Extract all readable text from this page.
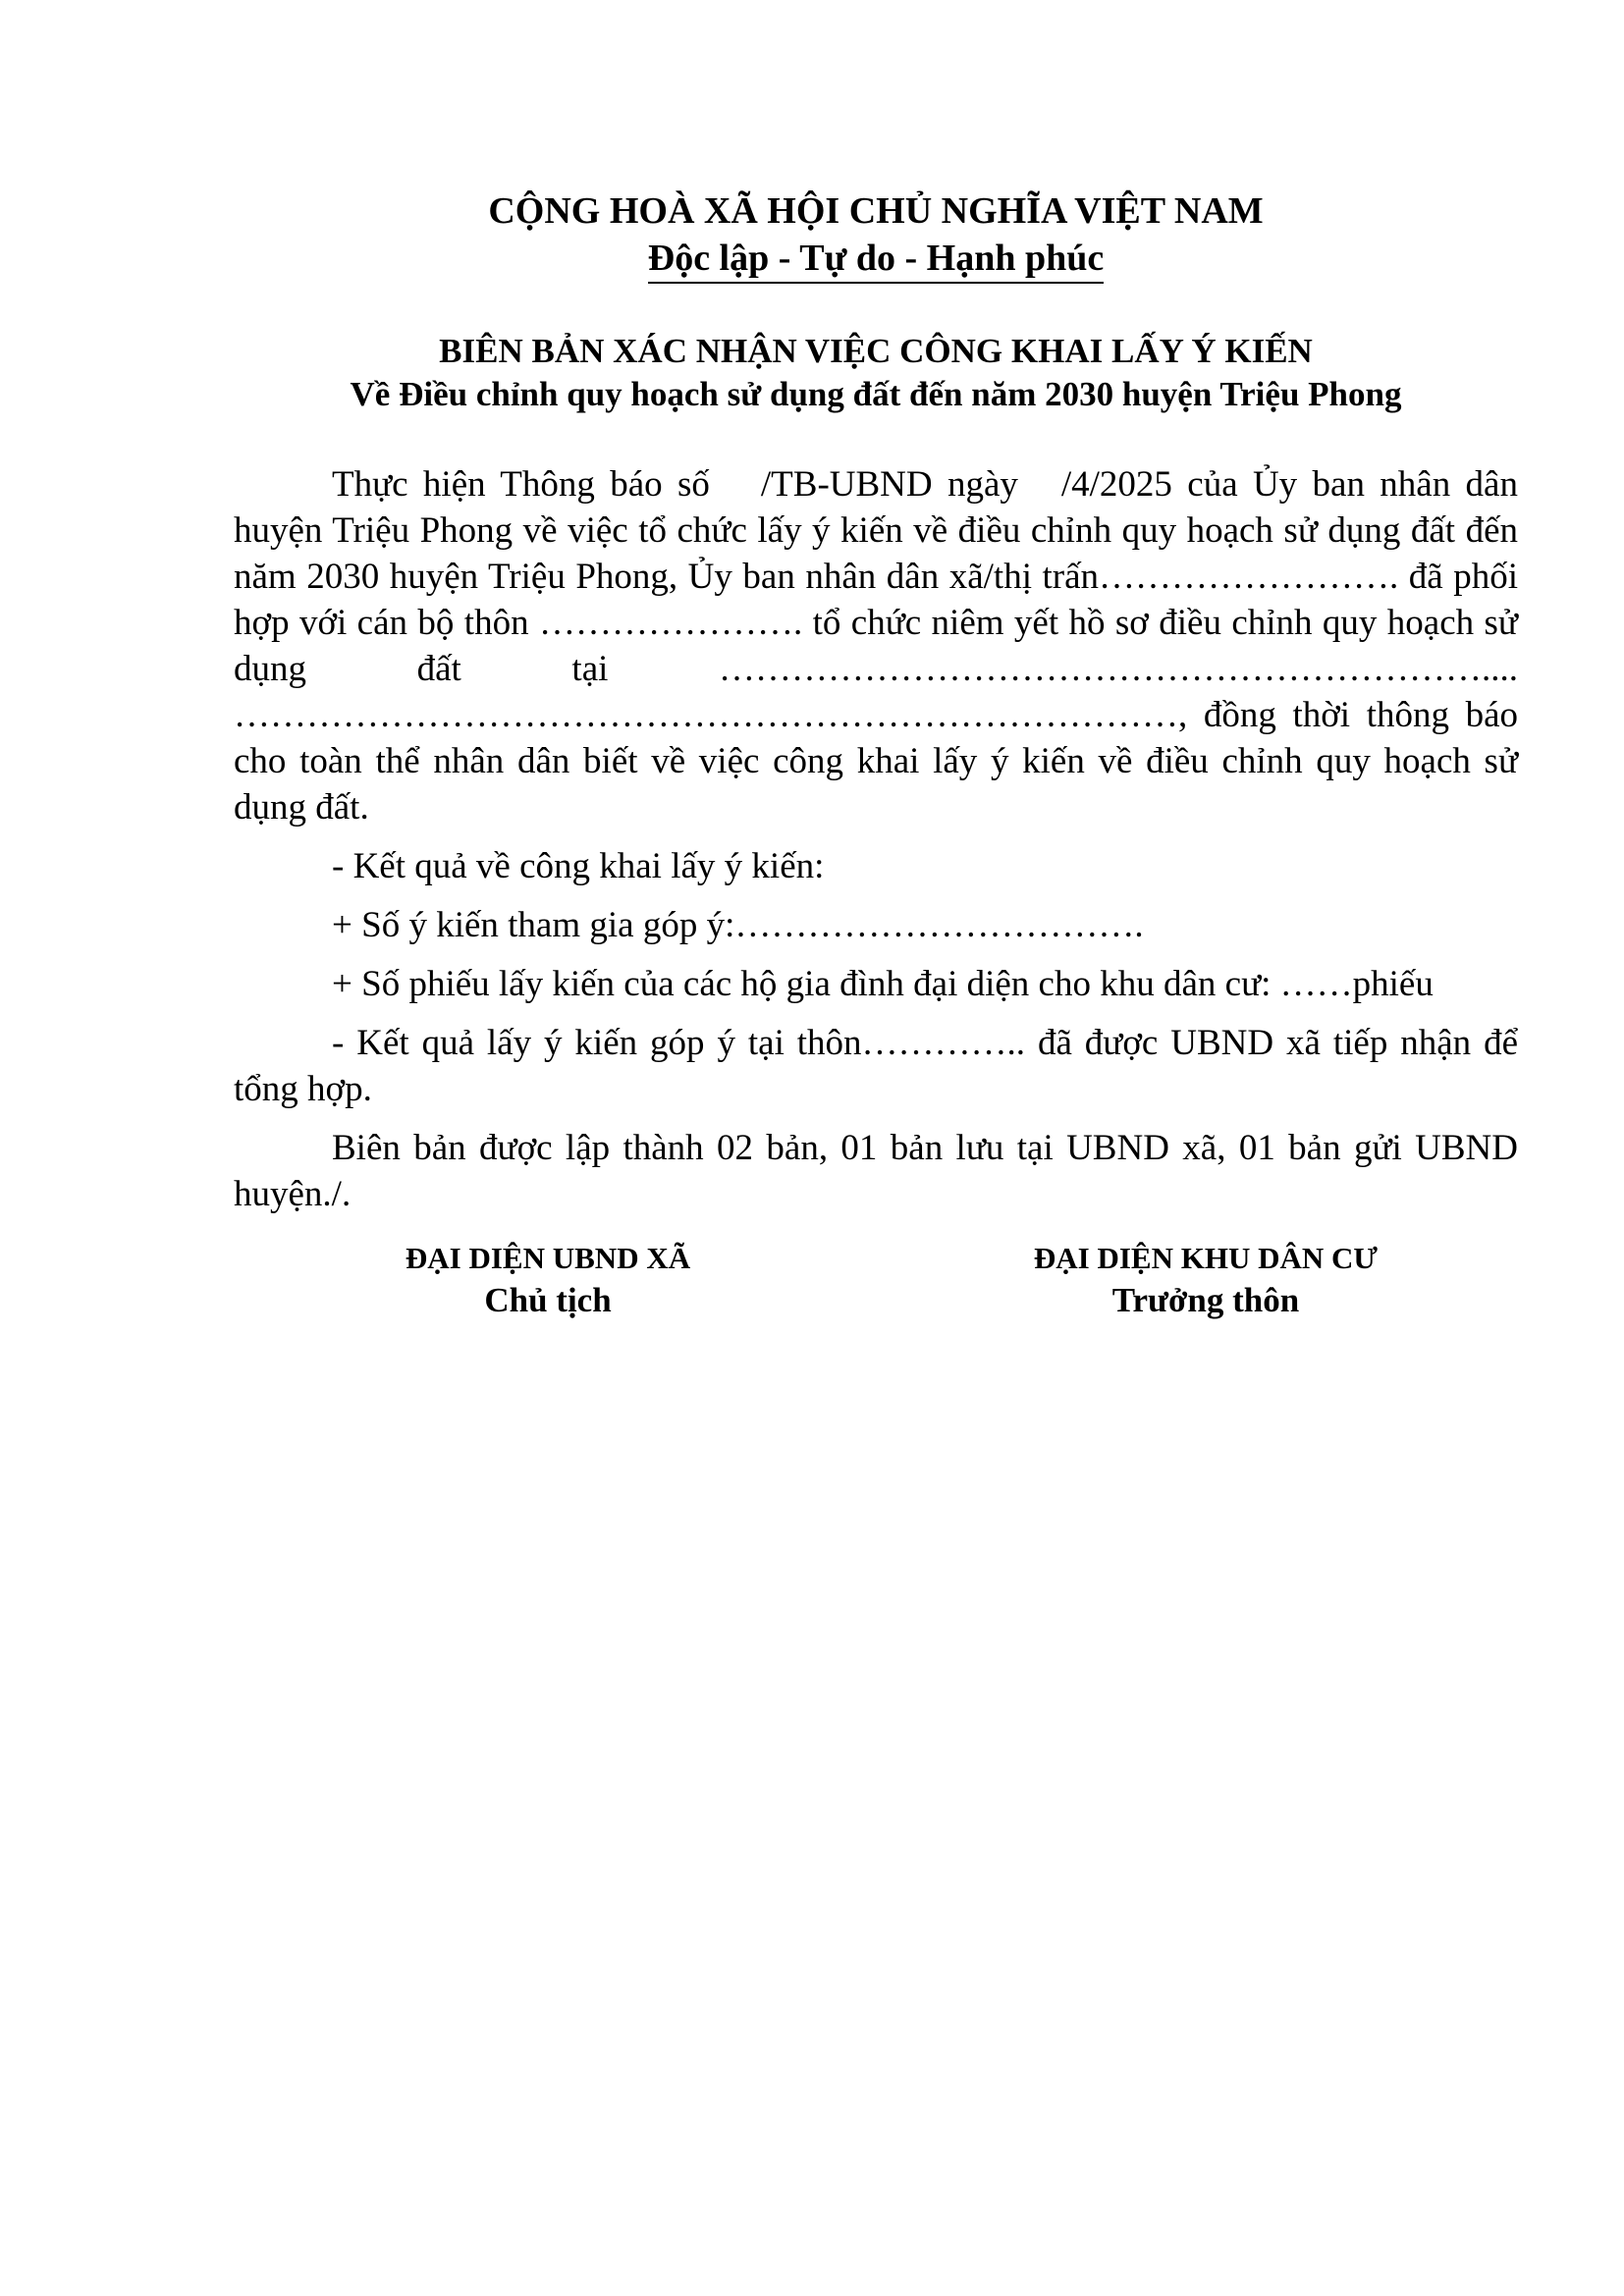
CỘNG HOÀ XÃ HỘI CHỦ NGHĨA VIỆT NAM
Độc lập - Tự do - Hạnh phúc
BIÊN BẢN XÁC NHẬN VIỆC CÔNG KHAI LẤY Ý KIẾN
Về Điều chỉnh quy hoạch sử dụng đất đến năm 2030 huyện Triệu Phong

Thực hiện Thông báo số /TB-UBND ngày /4/2025 của Ủy ban nhân dân huyện Triệu Phong về việc tổ chức lấy ý kiến về điều chỉnh quy hoạch sử dụng đất đến năm 2030 huyện Triệu Phong, Ủy ban nhân dân xã/thị trấn……………………. đã phối hợp với cán bộ thôn …………………. tổ chức niêm yết hồ sơ điều chỉnh quy hoạch sử dụng đất tại ……………………………………………………….... ……………………………………………………………………, đồng thời thông báo cho toàn thể nhân dân biết về việc công khai lấy ý kiến về điều chỉnh quy hoạch sử dụng đất.

- Kết quả về công khai lấy ý kiến:

+ Số ý kiến tham gia góp ý:…………………………….

+ Số phiếu lấy kiến của các hộ gia đình đại diện cho khu dân cư: ……phiếu

- Kết quả lấy ý kiến góp ý tại thôn………….. đã được UBND xã tiếp nhận để tổng hợp.

Biên bản được lập thành 02 bản, 01 bản lưu tại UBND xã, 01 bản gửi UBND huyện./.

ĐẠI DIỆN UBND XÃ
Chủ tịch
ĐẠI DIỆN KHU DÂN CƯ
Trưởng thôn
